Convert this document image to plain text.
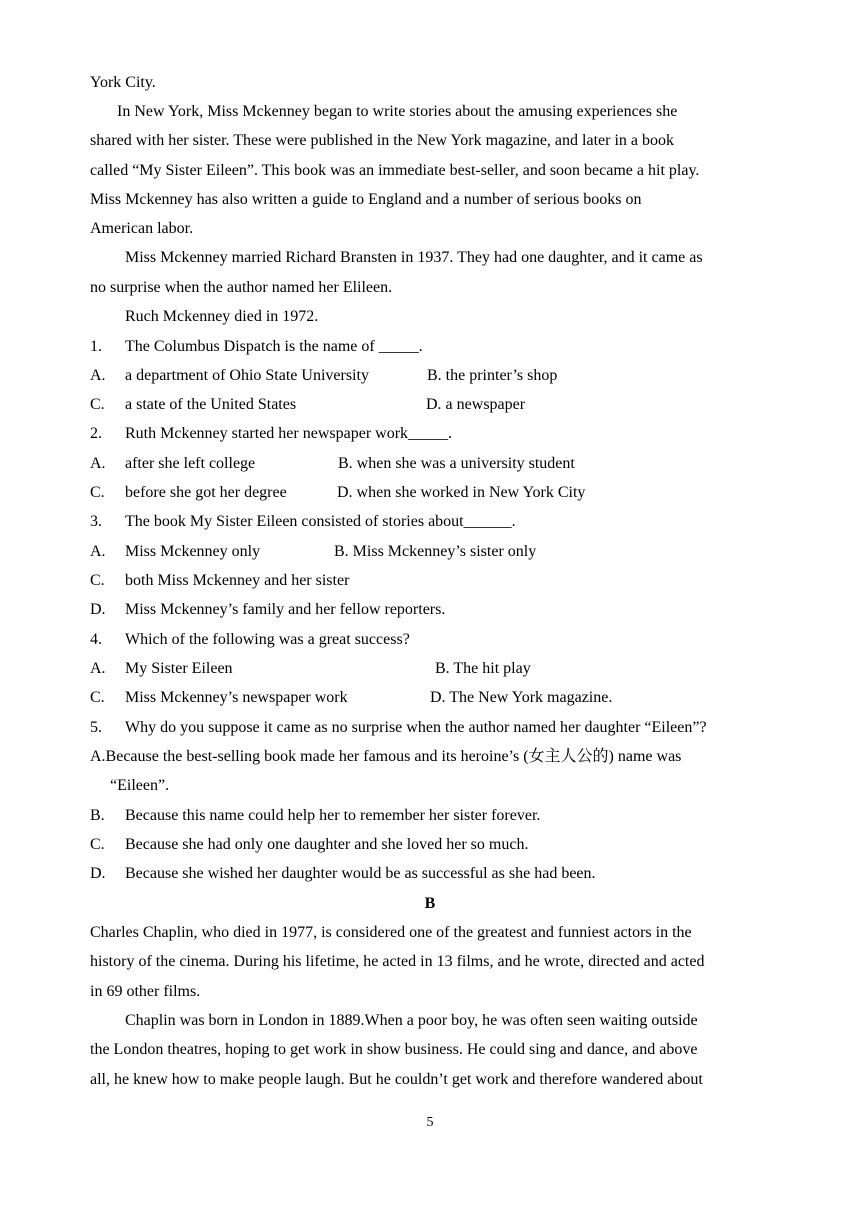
York City.
In New York, Miss Mckenney began to write stories about the amusing experiences she
shared with her sister. These were published in the New York magazine, and later in a book
called “My Sister Eileen”. This book was an immediate best-seller, and soon became a hit play.
Miss Mckenney has also written a guide to England and a number of serious books on
American labor.
Miss Mckenney married Richard Bransten in 1937. They had one daughter, and it came as
no surprise when the author named her Elileen.
Ruch Mckenney died in 1972.
1.	The Columbus Dispatch is the name of _____.
A.	a department of Ohio State University	B. the printer’s shop
C.	a state of the United States	D. a newspaper
2.	Ruth Mckenney started her newspaper work_____.
A.	after she left college	B. when she was a university student
C.	before she got her degree	D. when she worked in New York City
3.	The book My Sister Eileen consisted of stories about______.
A.	Miss Mckenney only	B. Miss Mckenney’s sister only
C.	both Miss Mckenney and her sister
D.	Miss Mckenney’s family and her fellow reporters.
4.	Which of the following was a great success?
A.	My Sister Eileen	B. The hit play
C.	Miss Mckenney’s newspaper work	D. The New York magazine.
5.	Why do you suppose it came as no surprise when the author named her daughter “Eileen”?
A.Because the best-selling book made her famous and its heroine’s (女主人公的) name was
“Eileen”.
B.	Because this name could help her to remember her sister forever.
C.	Because she had only one daughter and she loved her so much.
D.	Because she wished her daughter would be as successful as she had been.
B
Charles Chaplin, who died in 1977, is considered one of the greatest and funniest actors in the
history of the cinema. During his lifetime, he acted in 13 films, and he wrote, directed and acted
in 69 other films.
Chaplin was born in London in 1889.When a poor boy, he was often seen waiting outside
the London theatres, hoping to get work in show business. He could sing and dance, and above
all, he knew how to make people laugh. But he couldn’t get work and therefore wandered about
5
